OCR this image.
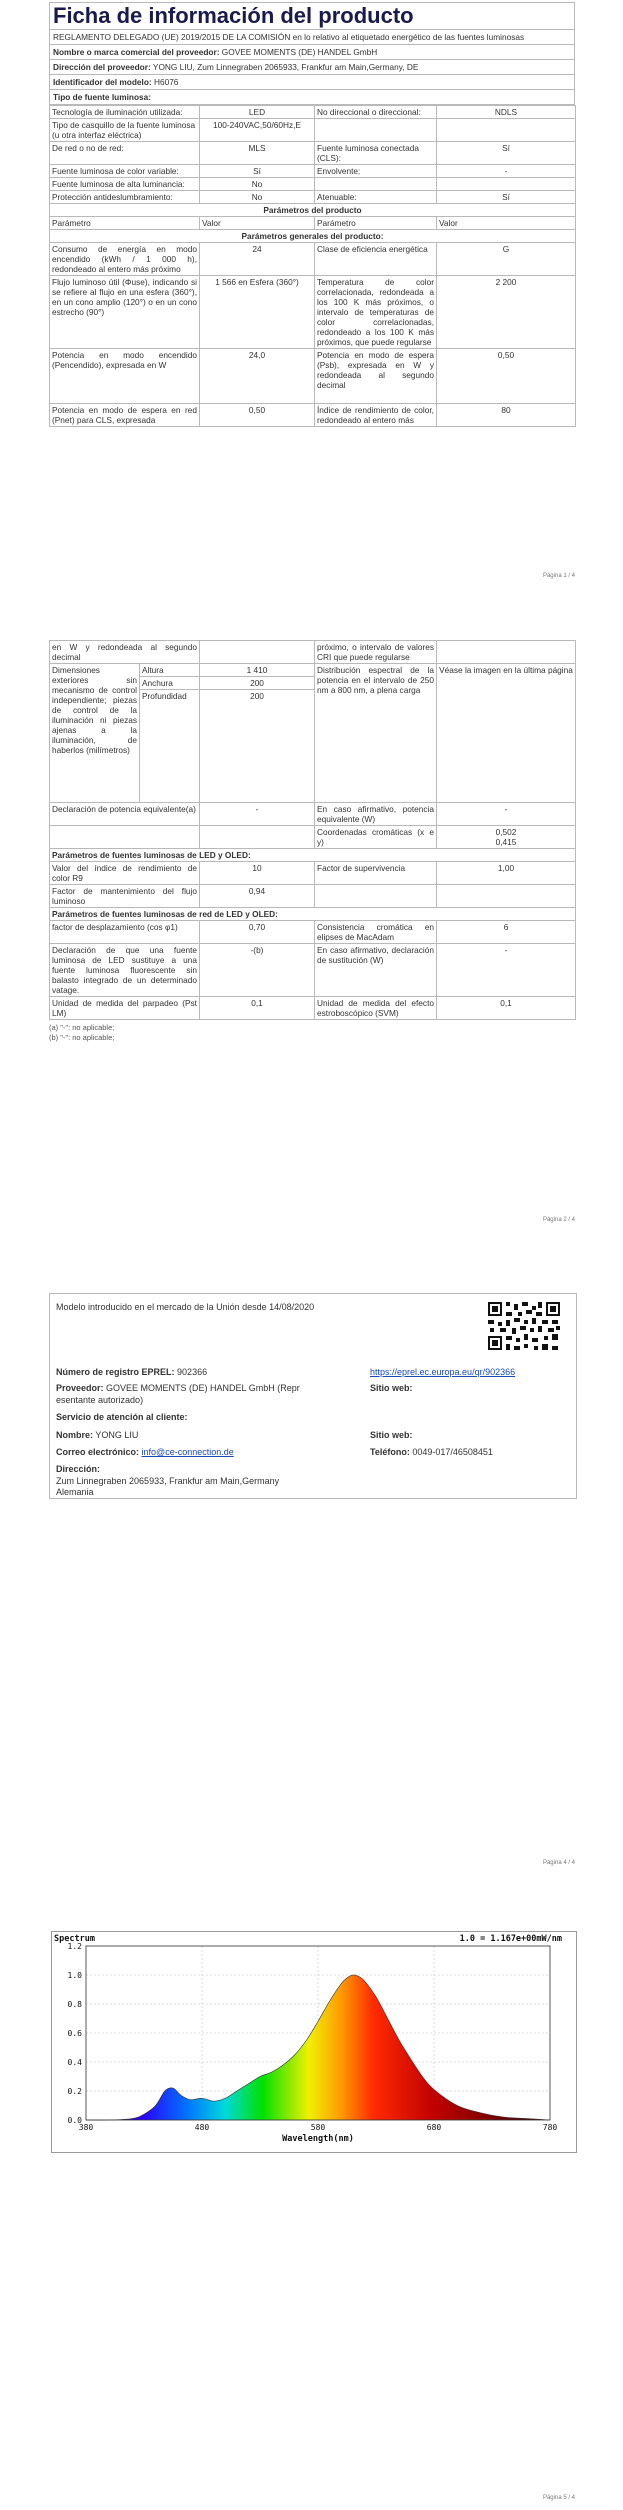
Ficha de información del producto
REGLAMENTO DELEGADO (UE) 2019/2015 DE LA COMISIÓN en lo relativo al etiquetado energético de las fuentes luminosas
Nombre o marca comercial del proveedor: GOVEE MOMENTS (DE) HANDEL GmbH
Dirección del proveedor: YONG LIU, Zum Linnegraben 2065933, Frankfur am Main,Germany, DE
Identificador del modelo: H6076
Tipo de fuente luminosa:
Tecnología de iluminación utilizada:	LED	No direccional o direccional:	NDLS
Tipo de casquillo de la fuente luminosa (u otra interfaz eléctrica)	100-240VAC,50/60Hz,E		
De red o no de red:	MLS	Fuente luminosa conectada (CLS):	Sí
Fuente luminosa de color variable:	Sí	Envolvente:	-
Fuente luminosa de alta luminancia:	No		
Protección antideslumbramiento:	No	Atenuable:	Sí
Parámetros del producto			
Parámetro	Valor	Parámetro	Valor
Parámetros generales del producto:			
Consumo de energía en modo encendido (kWh / 1 000 h), redondeado al entero más próximo	24	Clase de eficiencia energética	G
Flujo luminoso útil (Φuse), indicando si se refiere al flujo en una esfera (360°), en un cono amplio (120°) o en un cono estrecho (90°)	1 566 en Esfera (360°)	Temperatura de color correlacionada, redondeada a los 100 K más próximos, o intervalo de temperaturas de color correlacionadas, redondeado a los 100 K más próximos, que puede regularse	2 200
Potencia en modo encendido (Pencendido), expresada en W	24,0	Potencia en modo de espera (Psb), expresada en W y redondeada al segundo decimal	0,50
Potencia en modo de espera en red (Pnet) para CLS, expresada	0,50	Índice de rendimiento de color, redondeado al entero más	80
Página 1 / 4
en W y redondeada al segundo decimal			próximo, o intervalo de valores CRI que puede regularse	
Dimensiones exteriores sin mecanismo de control independiente; piezas de control de la iluminación ni piezas ajenas a la iluminación, de haberlos (milímetros)	Altura	1 410	Distribución espectral de la potencia en el intervalo de 250 nm a 800 nm, a plena carga	Véase la imagen en la última página
	Anchura	200		
	Profundidad	200		
Declaración de potencia equivalente(a)		-	En caso afirmativo, potencia equivalente (W)	-
			Coordenadas cromáticas (x e y)	0,502
0,415
Parámetros de fuentes luminosas de LED y OLED:				
Valor del índice de rendimiento de color R9		10	Factor de supervivencia	1,00
Factor de mantenimiento del flujo luminoso		0,94		
Parámetros de fuentes luminosas de red de LED y OLED:				
factor de desplazamiento (cos φ1)		0,70	Consistencia cromática en elipses de MacAdam	6
Declaración de que una fuente luminosa de LED sustituye a una fuente luminosa fluorescente sin balasto integrado de un determinado vatage.		-(b)	En caso afirmativo, declaración de sustitución (W)	-
Unidad de medida del parpadeo (Pst LM)		0,1	Unidad de medida del efecto estroboscópico (SVM)	0,1
(a) "-": no aplicable;
(b) "-": no aplicable;
Página 2 / 4
Modelo introducido en el mercado de la Unión desde 14/08/2020
Número de registro EPREL: 902366	https://eprel.ec.europa.eu/qr/902366
Proveedor: GOVEE MOMENTS (DE) HANDEL GmbH (Repr
esentante autorizado)
Sitio web:
Servicio de atención al cliente:
Nombre: YONG LIU	Sitio web:
Correo electrónico: info@ce-connection.de	Teléfono: 0049-017/46508451
Dirección:
Zum Linnegraben 2065933, Frankfur am Main,Germany
Alemania
Página 4 / 4
Spectrum	1.0 = 1.167e+00mW/nm
0.0
0.2
0.4
0.6
0.8
1.0
1.2
380	480	580	680	780
Wavelength(nm)
Página 5 / 4
